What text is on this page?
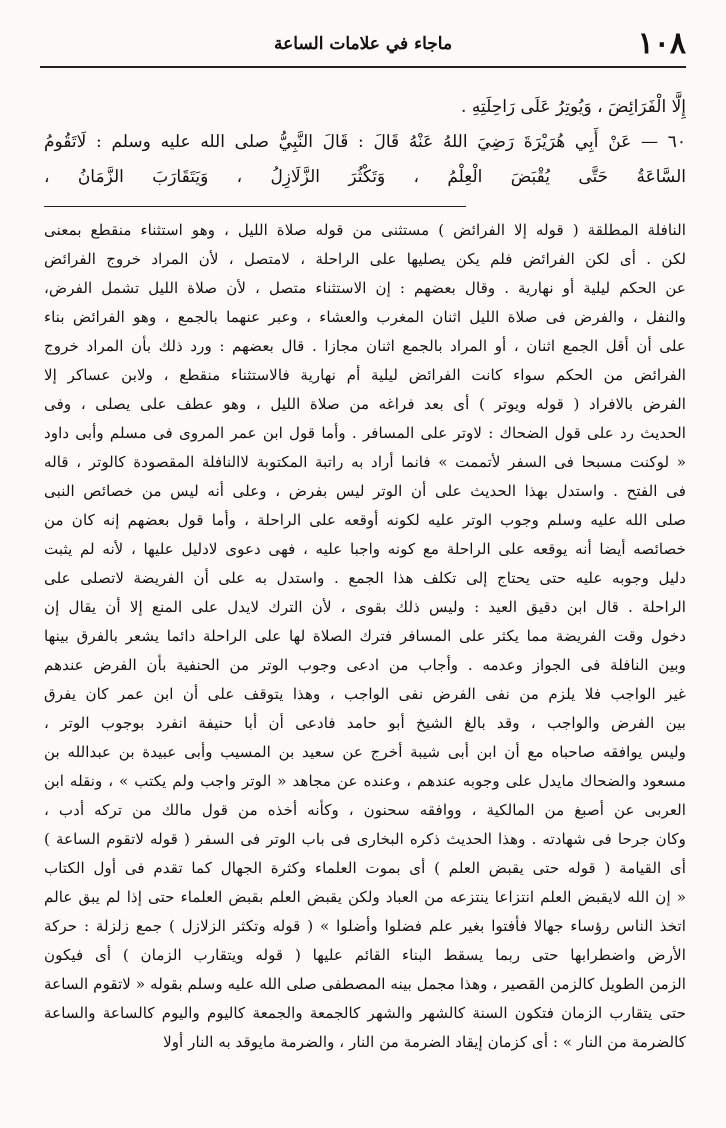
١٠٨
ماجاء في علامات الساعة
إِلَّا الْفَرَائِضَ ، وَيُوتِرُ عَلَى رَاحِلَتِهِ .
٦٠ — عَنْ أَبِي هُرَيْرَةَ رَضِيَ اللهُ عَنْهُ قَالَ : قَالَ النَّبِيُّ صلى الله عليه وسلم : لَاتَقُومُ
السَّاعَةُ حَتَّى يُقْبَضَ الْعِلْمُ ، وَتَكْثُرَ الزَّلَازِلُ ، وَيَتَقَارَبَ الزَّمَانُ ،
النافلة المطلقة ( قوله إلا الفرائض ) مستثنى من قوله صلاة الليل ، وهو استثناء منقطع بمعنى
لكن . أى لكن الفرائض فلم يكن يصليها على الراحلة ، لامتصل ، لأن المراد خروج الفرائض
عن الحكم ليلية أو نهارية . وقال بعضهم : إن الاستثناء متصل ، لأن صلاة الليل تشمل الفرض،
والنفل ، والفرض فى صلاة الليل اثنان المغرب والعشاء ، وعبر عنهما بالجمع ، وهو الفرائض بناء
على أن أقل الجمع اثنان ، أو المراد بالجمع اثنان مجازا . قال بعضهم : ورد ذلك بأن المراد خروج
الفرائض من الحكم سواء كانت الفرائض ليلية أم نهارية فالاستثناء منقطع ، ولابن عساكر إلا
الفرض بالافراد ( قوله ويوتر ) أى بعد فراغه من صلاة الليل ، وهو عطف على يصلى ، وفى
الحديث رد على قول الضحاك : لاوتر على المسافر . وأما قول ابن عمر المروى فى مسلم وأبى داود
« لوكنت مسبحا فى السفر لأتممت » فانما أراد به راتبة المكتوبة لاالنافلة المقصودة كالوتر ، قاله
فى الفتح . واستدل بهذا الحديث على أن الوتر ليس بفرض ، وعلى أنه ليس من خصائص النبى
صلى الله عليه وسلم وجوب الوتر عليه لكونه أوقعه على الراحلة ، وأما قول بعضهم إنه كان من
خصائصه أيضا أنه يوقعه على الراحلة مع كونه واجبا عليه ، فهى دعوى لادليل عليها ، لأنه لم يثبت
دليل وجوبه عليه حتى يحتاج إلى تكلف هذا الجمع . واستدل به على أن الفريضة لاتصلى على
الراحلة . قال ابن دقيق العيد : وليس ذلك بقوى ، لأن الترك لايدل على المنع إلا أن يقال إن
دخول وقت الفريضة مما يكثر على المسافر فترك الصلاة لها على الراحلة دائما يشعر بالفرق بينها
وبين النافلة فى الجواز وعدمه . وأجاب من ادعى وجوب الوتر من الحنفية بأن الفرض عندهم
غير الواجب فلا يلزم من نفى الفرض نفى الواجب ، وهذا يتوقف على أن ابن عمر كان يفرق
بين الفرض والواجب ، وقد بالغ الشيخ أبو حامد فادعى أن أبا حنيفة انفرد بوجوب الوتر ،
وليس يوافقه صاحباه مع أن ابن أبى شيبة أخرج عن سعيد بن المسيب وأبى عبيدة بن عبدالله بن
مسعود والضحاك مايدل على وجوبه عندهم ، وعنده عن مجاهد « الوتر واجب ولم يكتب » ، ونقله ابن
العربى عن أصبغ من المالكية ، ووافقه سحنون ، وكأنه أخذه من قول مالك من تركه أدب ،
وكان جرحا فى شهادته . وهذا الحديث ذكره البخارى فى باب الوتر فى السفر ( قوله لاتقوم الساعة )
أى القيامة ( قوله حتى يقبض العلم ) أى بموت العلماء وكثرة الجهال كما تقدم فى أول الكتاب
« إن الله لايقبض العلم انتزاعا ينتزعه من العباد ولكن يقبض العلم بقبض العلماء حتى إذا لم يبق عالم
اتخذ الناس رؤساء جهالا فأفتوا بغير علم فضلوا وأضلوا » ( قوله وتكثر الزلازل ) جمع زلزلة : حركة
الأرض واضطرابها حتى ربما يسقط البناء القائم عليها ( قوله ويتقارب الزمان ) أى فيكون
الزمن الطويل كالزمن القصير ، وهذا مجمل بينه المصطفى صلى الله عليه وسلم بقوله « لاتقوم الساعة
حتى يتقارب الزمان فتكون السنة كالشهر والشهر كالجمعة والجمعة كاليوم واليوم كالساعة والساعة
كالضرمة من النار » : أى كزمان إيقاد الضرمة من النار ، والضرمة مايوقد به النار أولا
